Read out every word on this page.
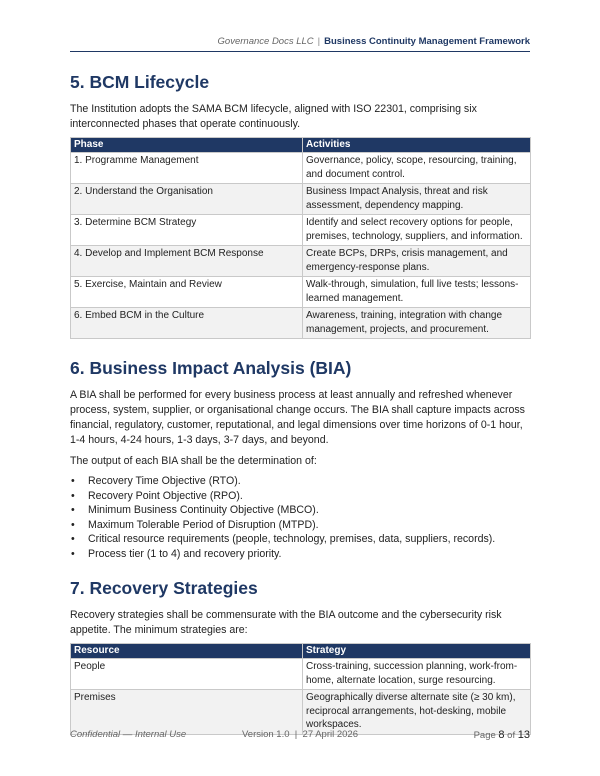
Governance Docs LLC | Business Continuity Management Framework
5. BCM Lifecycle

The Institution adopts the SAMA BCM lifecycle, aligned with ISO 22301, comprising six interconnected phases that operate continuously.

Phase	Activities
1. Programme Management	Governance, policy, scope, resourcing, training, and document control.
2. Understand the Organisation	Business Impact Analysis, threat and risk assessment, dependency mapping.
3. Determine BCM Strategy	Identify and select recovery options for people, premises, technology, suppliers, and information.
4. Develop and Implement BCM Response	Create BCPs, DRPs, crisis management, and emergency-response plans.
5. Exercise, Maintain and Review	Walk-through, simulation, full live tests; lessons-learned management.
6. Embed BCM in the Culture	Awareness, training, integration with change management, projects, and procurement.
6. Business Impact Analysis (BIA)

A BIA shall be performed for every business process at least annually and refreshed whenever process, system, supplier, or organisational change occurs. The BIA shall capture impacts across financial, regulatory, customer, reputational, and legal dimensions over time horizons of 0-1 hour, 1-4 hours, 4-24 hours, 1-3 days, 3-7 days, and beyond.

The output of each BIA shall be the determination of:

• Recovery Time Objective (RTO).
• Recovery Point Objective (RPO).
• Minimum Business Continuity Objective (MBCO).
• Maximum Tolerable Period of Disruption (MTPD).
• Critical resource requirements (people, technology, premises, data, suppliers, records).
• Process tier (1 to 4) and recovery priority.
7. Recovery Strategies

Recovery strategies shall be commensurate with the BIA outcome and the cybersecurity risk appetite. The minimum strategies are:

Resource	Strategy
People	Cross-training, succession planning, work-from-home, alternate location, surge resourcing.
Premises	Geographically diverse alternate site (≥ 30 km), reciprocal arrangements, hot-desking, mobile workspaces.
Confidential — Internal Use	Version 1.0  |  27 April 2026	Page 8 of 13
